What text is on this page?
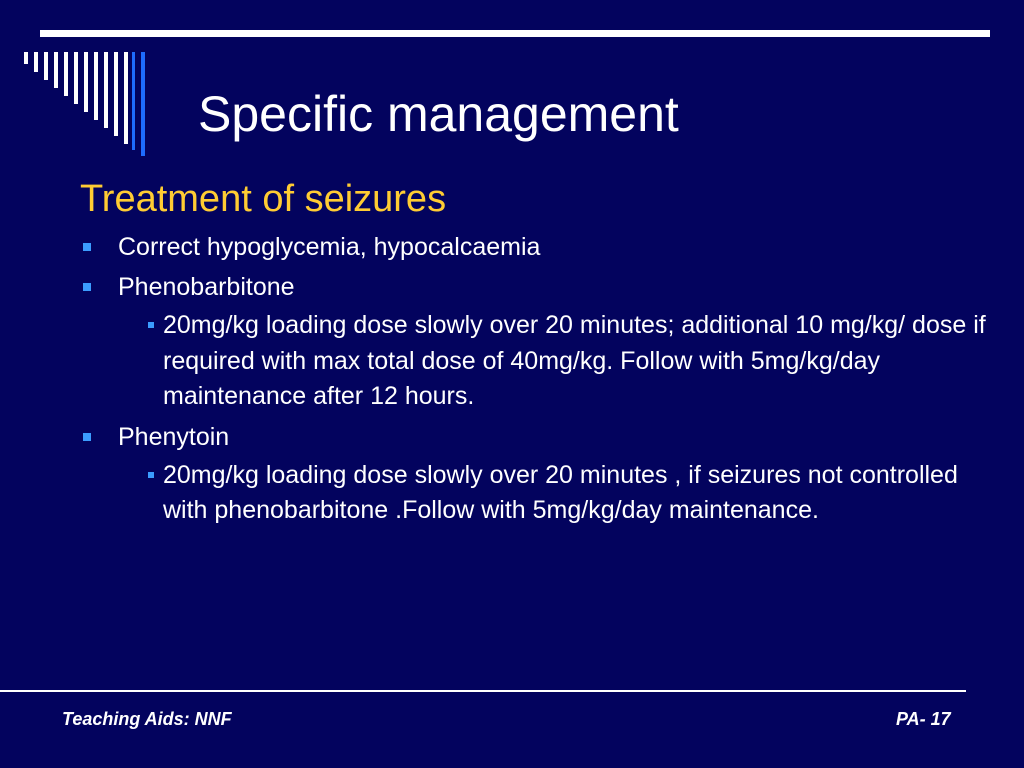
Specific management
Treatment of seizures
Correct hypoglycemia, hypocalcaemia
Phenobarbitone
20mg/kg loading dose slowly over 20 minutes; additional 10 mg/kg/ dose if required with max total dose of 40mg/kg. Follow with 5mg/kg/day maintenance after 12 hours.
Phenytoin
20mg/kg loading dose slowly over 20 minutes , if seizures not controlled with phenobarbitone .Follow with 5mg/kg/day maintenance.
Teaching Aids: NNF	PA- 17
